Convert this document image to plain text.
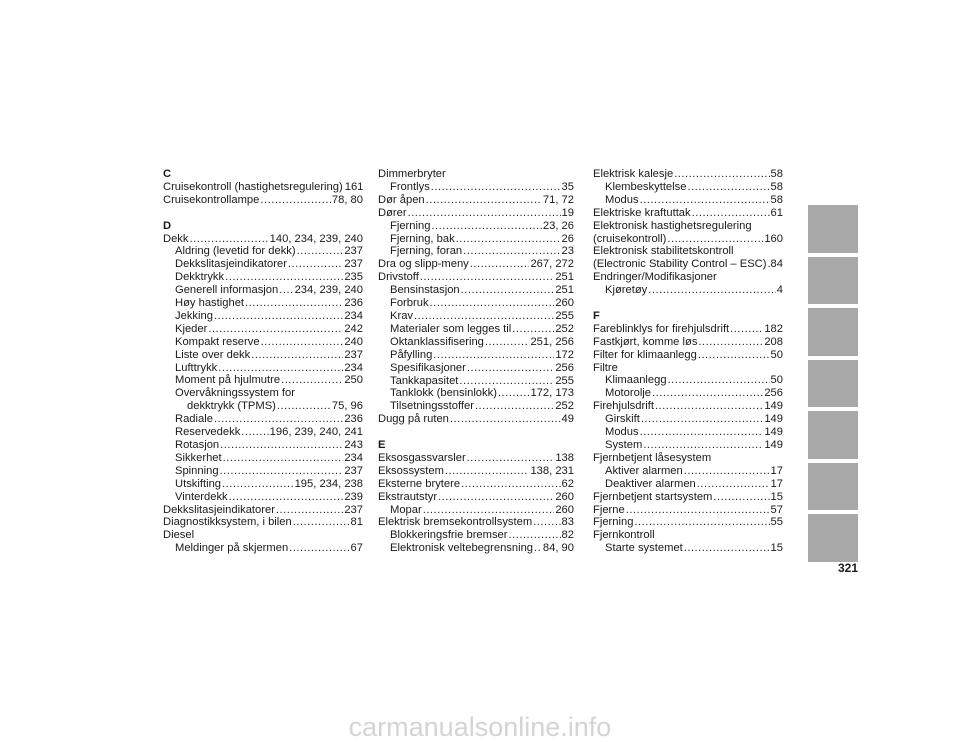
C
Cruisekontroll (hastighetsregulering) 161
Cruisekontrollampe .....	78, 80
D
Dekk .....	140, 234, 239, 240
Aldring (levetid for dekk) .....	237
Dekkslitasjeindikatorer .....	237
Dekktrykk .....	235
Generell informasjon ..... 234, 239, 240
Høy hastighet .....	236
Jekking .....	234
Kjeder .....	242
Kompakt reserve .....	240
Liste over dekk .....	237
Lufttrykk .....	234
Moment på hjulmutre .....	250
Overvåkningssystem for
dekktrykk (TPMS) .....	75, 96
Radiale .....	236
Reservedekk .....	196, 239, 240, 241
Rotasjon .....	243
Sikkerhet .....	234
Spinning .....	237
Utskifting .....	195, 234, 238
Vinterdekk .....	239
Dekkslitasjeindikatorer .....	237
Diagnostikksystem, i bilen .....	81
Diesel
Meldinger på skjermen .....	67
Dimmerbryter
Frontlys .....	35
Dør åpen .....	71, 72
Dører .....	19
Fjerning .....	23, 26
Fjerning, bak .....	26
Fjerning, foran .....	23
Dra og slipp-meny .....	267, 272
Drivstoff .....	251
Bensinstasjon .....	251
Forbruk .....	260
Krav .....	255
Materialer som legges til .....	252
Oktanklassifisering .....	251, 256
Påfylling .....	172
Spesifikasjoner .....	256
Tankkapasitet .....	255
Tanklokk (bensinlokk) .....	172, 173
Tilsetningsstoffer .....	252
Dugg på ruten .....	49
E
Eksosgassvarsler .....	138
Eksossystem .....	138, 231
Eksterne brytere .....	62
Ekstrautstyr .....	260
Mopar .....	260
Elektrisk bremsekontrollsystem .....	83
Blokkeringsfrie bremser .....	82
Elektronisk veltebegrensning ..... 84, 90
Elektrisk kalesje .....	58
Klembeskyttelse .....	58
Modus .....	58
Elektriske kraftuttak .....	61
Elektronisk hastighetsregulering
(cruisekontroll) .....	160
Elektronisk stabilitetskontroll
(Electronic Stability Control – ESC) ..... 84
Endringer/Modifikasjoner
Kjøretøy .....	4
F
Fareblinklys for firehjulsdrift .....	182
Fastkjørt, komme løs .....	208
Filter for klimaanlegg .....	50
Filtre
Klimaanlegg .....	50
Motorolje .....	256
Firehjulsdrift .....	149
Girskift .....	149
Modus .....	149
System .....	149
Fjernbetjent låsesystem
Aktiver alarmen .....	17
Deaktiver alarmen .....	17
Fjernbetjent startsystem .....	15
Fjerne .....	57
Fjerning .....	55
Fjernkontroll
Starte systemet .....	15
321
carmanualsonline.info
